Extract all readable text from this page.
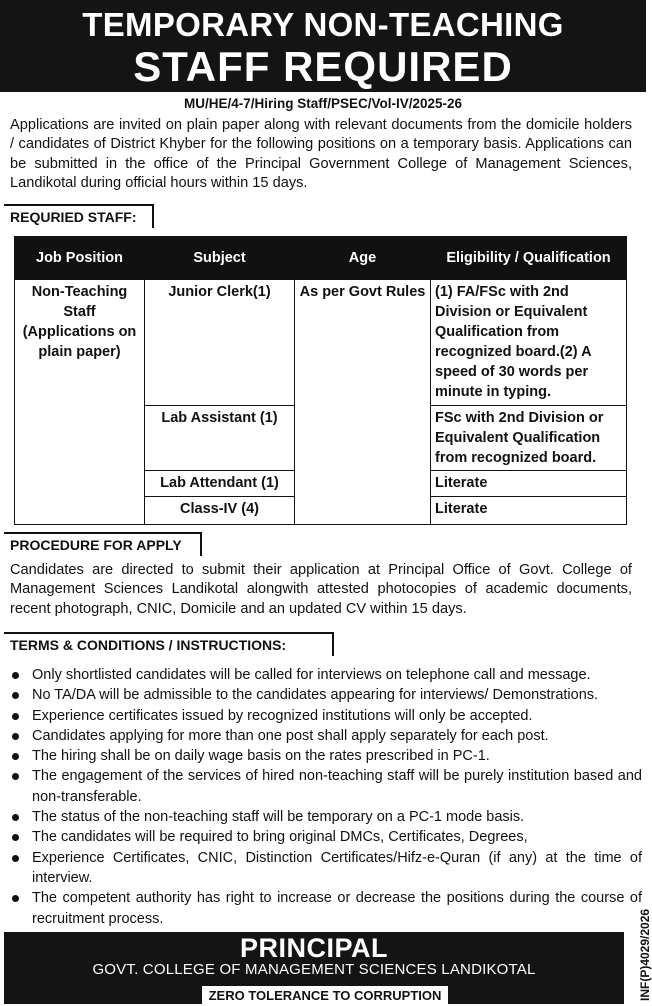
TEMPORARY NON-TEACHING
STAFF REQUIRED
MU/HE/4-7/Hiring Staff/PSEC/Vol-IV/2025-26
Applications are invited on plain paper along with relevant documents from the domicile holders / candidates of District Khyber for the following positions on a temporary basis. Applications can be submitted in the office of the Principal Government College of Management Sciences, Landikotal during official hours within 15 days.
REQURIED STAFF:
Job Position	Subject	Age	Eligibility / Qualification
Non-Teaching Staff (Applications on plain paper)	Junior Clerk(1)	As per Govt Rules	(1) FA/FSc with 2nd Division or Equivalent Qualification from recognized board.(2) A speed of 30 words per minute in typing.
	Lab Assistant (1)		FSc with 2nd Division or Equivalent Qualification from recognized board.
	Lab Attendant (1)		Literate
	Class-IV (4)		Literate
PROCEDURE FOR APPLY
Candidates are directed to submit their application at Principal Office of Govt. College of Management Sciences Landikotal alongwith attested photocopies of academic documents, recent photograph, CNIC, Domicile and an updated CV within 15 days.
TERMS & CONDITIONS / INSTRUCTIONS:
Only shortlisted candidates will be called for interviews on telephone call and message.
No TA/DA will be admissible to the candidates appearing for interviews/ Demonstrations.
Experience certificates issued by recognized institutions will only be accepted.
Candidates applying for more than one post shall apply separately for each post.
The hiring shall be on daily wage basis on the rates prescribed in PC-1.
The engagement of the services of hired non-teaching staff will be purely institution based and non-transferable.
The status of the non-teaching staff will be temporary on a PC-1 mode basis.
The candidates will be required to bring original DMCs, Certificates, Degrees,
Experience Certificates, CNIC, Distinction Certificates/Hifz-e-Quran (if any) at the time of interview.
The competent authority has right to increase or decrease the positions during the course of recruitment process.
PRINCIPAL
GOVT. COLLEGE OF MANAGEMENT SCIENCES LANDIKOTAL
ZERO TOLERANCE TO CORRUPTION	INF(P)4029/2026
